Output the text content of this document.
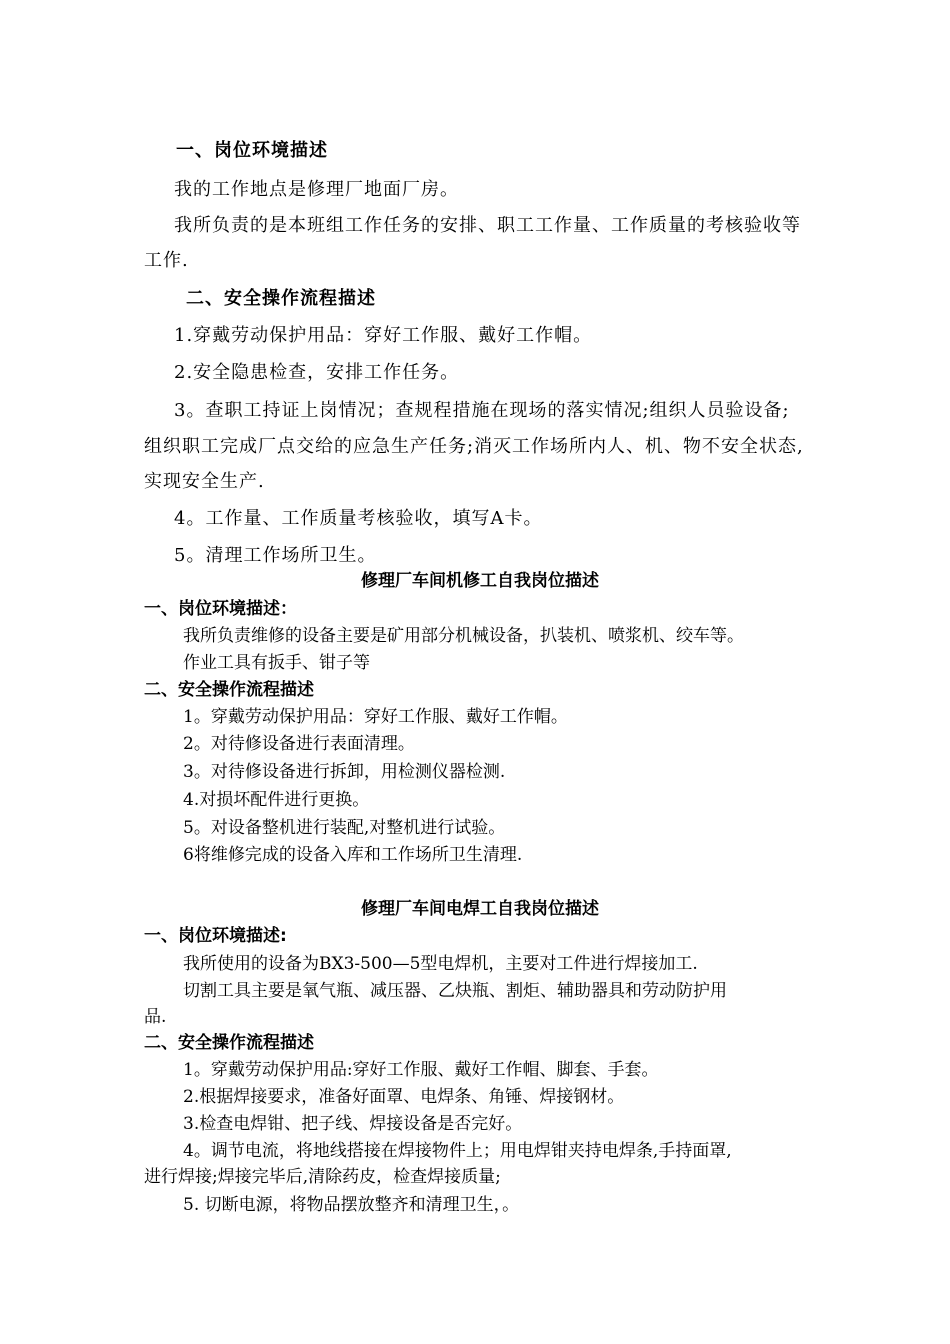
一、岗位环境描述
我的工作地点是修理厂地面厂房。
我所负责的是本班组工作任务的安排、职工工作量、工作质量的考核验收等
工作.
二、安全操作流程描述
1.穿戴劳动保护用品：穿好工作服、戴好工作帽。
2.安全隐患检查，安排工作任务。
3。查职工持证上岗情况；查规程措施在现场的落实情况;组织人员验设备;
组织职工完成厂点交给的应急生产任务;消灭工作场所内人、机、物不安全状态,
实现安全生产.
4。工作量、工作质量考核验收，填写A卡。
5。清理工作场所卫生。
修理厂车间机修工自我岗位描述
一、岗位环境描述：
我所负责维修的设备主要是矿用部分机械设备，扒装机、喷浆机、绞车等。
作业工具有扳手、钳子等
二、安全操作流程描述
1。穿戴劳动保护用品：穿好工作服、戴好工作帽。
2。对待修设备进行表面清理。
3。对待修设备进行拆卸，用检测仪器检测.
4.对损坏配件进行更换。
5。对设备整机进行装配,对整机进行试验。
6将维修完成的设备入库和工作场所卫生清理.
修理厂车间电焊工自我岗位描述
一、岗位环境描述:
我所使用的设备为BX3-500—5型电焊机，主要对工件进行焊接加工.
切割工具主要是氧气瓶、减压器、乙炔瓶、割炬、辅助器具和劳动防护用
品.
二、安全操作流程描述
1。穿戴劳动保护用品:穿好工作服、戴好工作帽、脚套、手套。
2.根据焊接要求，准备好面罩、电焊条、角锤、焊接钢材。
3.检查电焊钳、把子线、焊接设备是否完好。
4。调节电流，将地线搭接在焊接物件上；用电焊钳夹持电焊条,手持面罩,
进行焊接;焊接完毕后,清除药皮，检查焊接质量;
5. 切断电源，将物品摆放整齐和清理卫生，。
